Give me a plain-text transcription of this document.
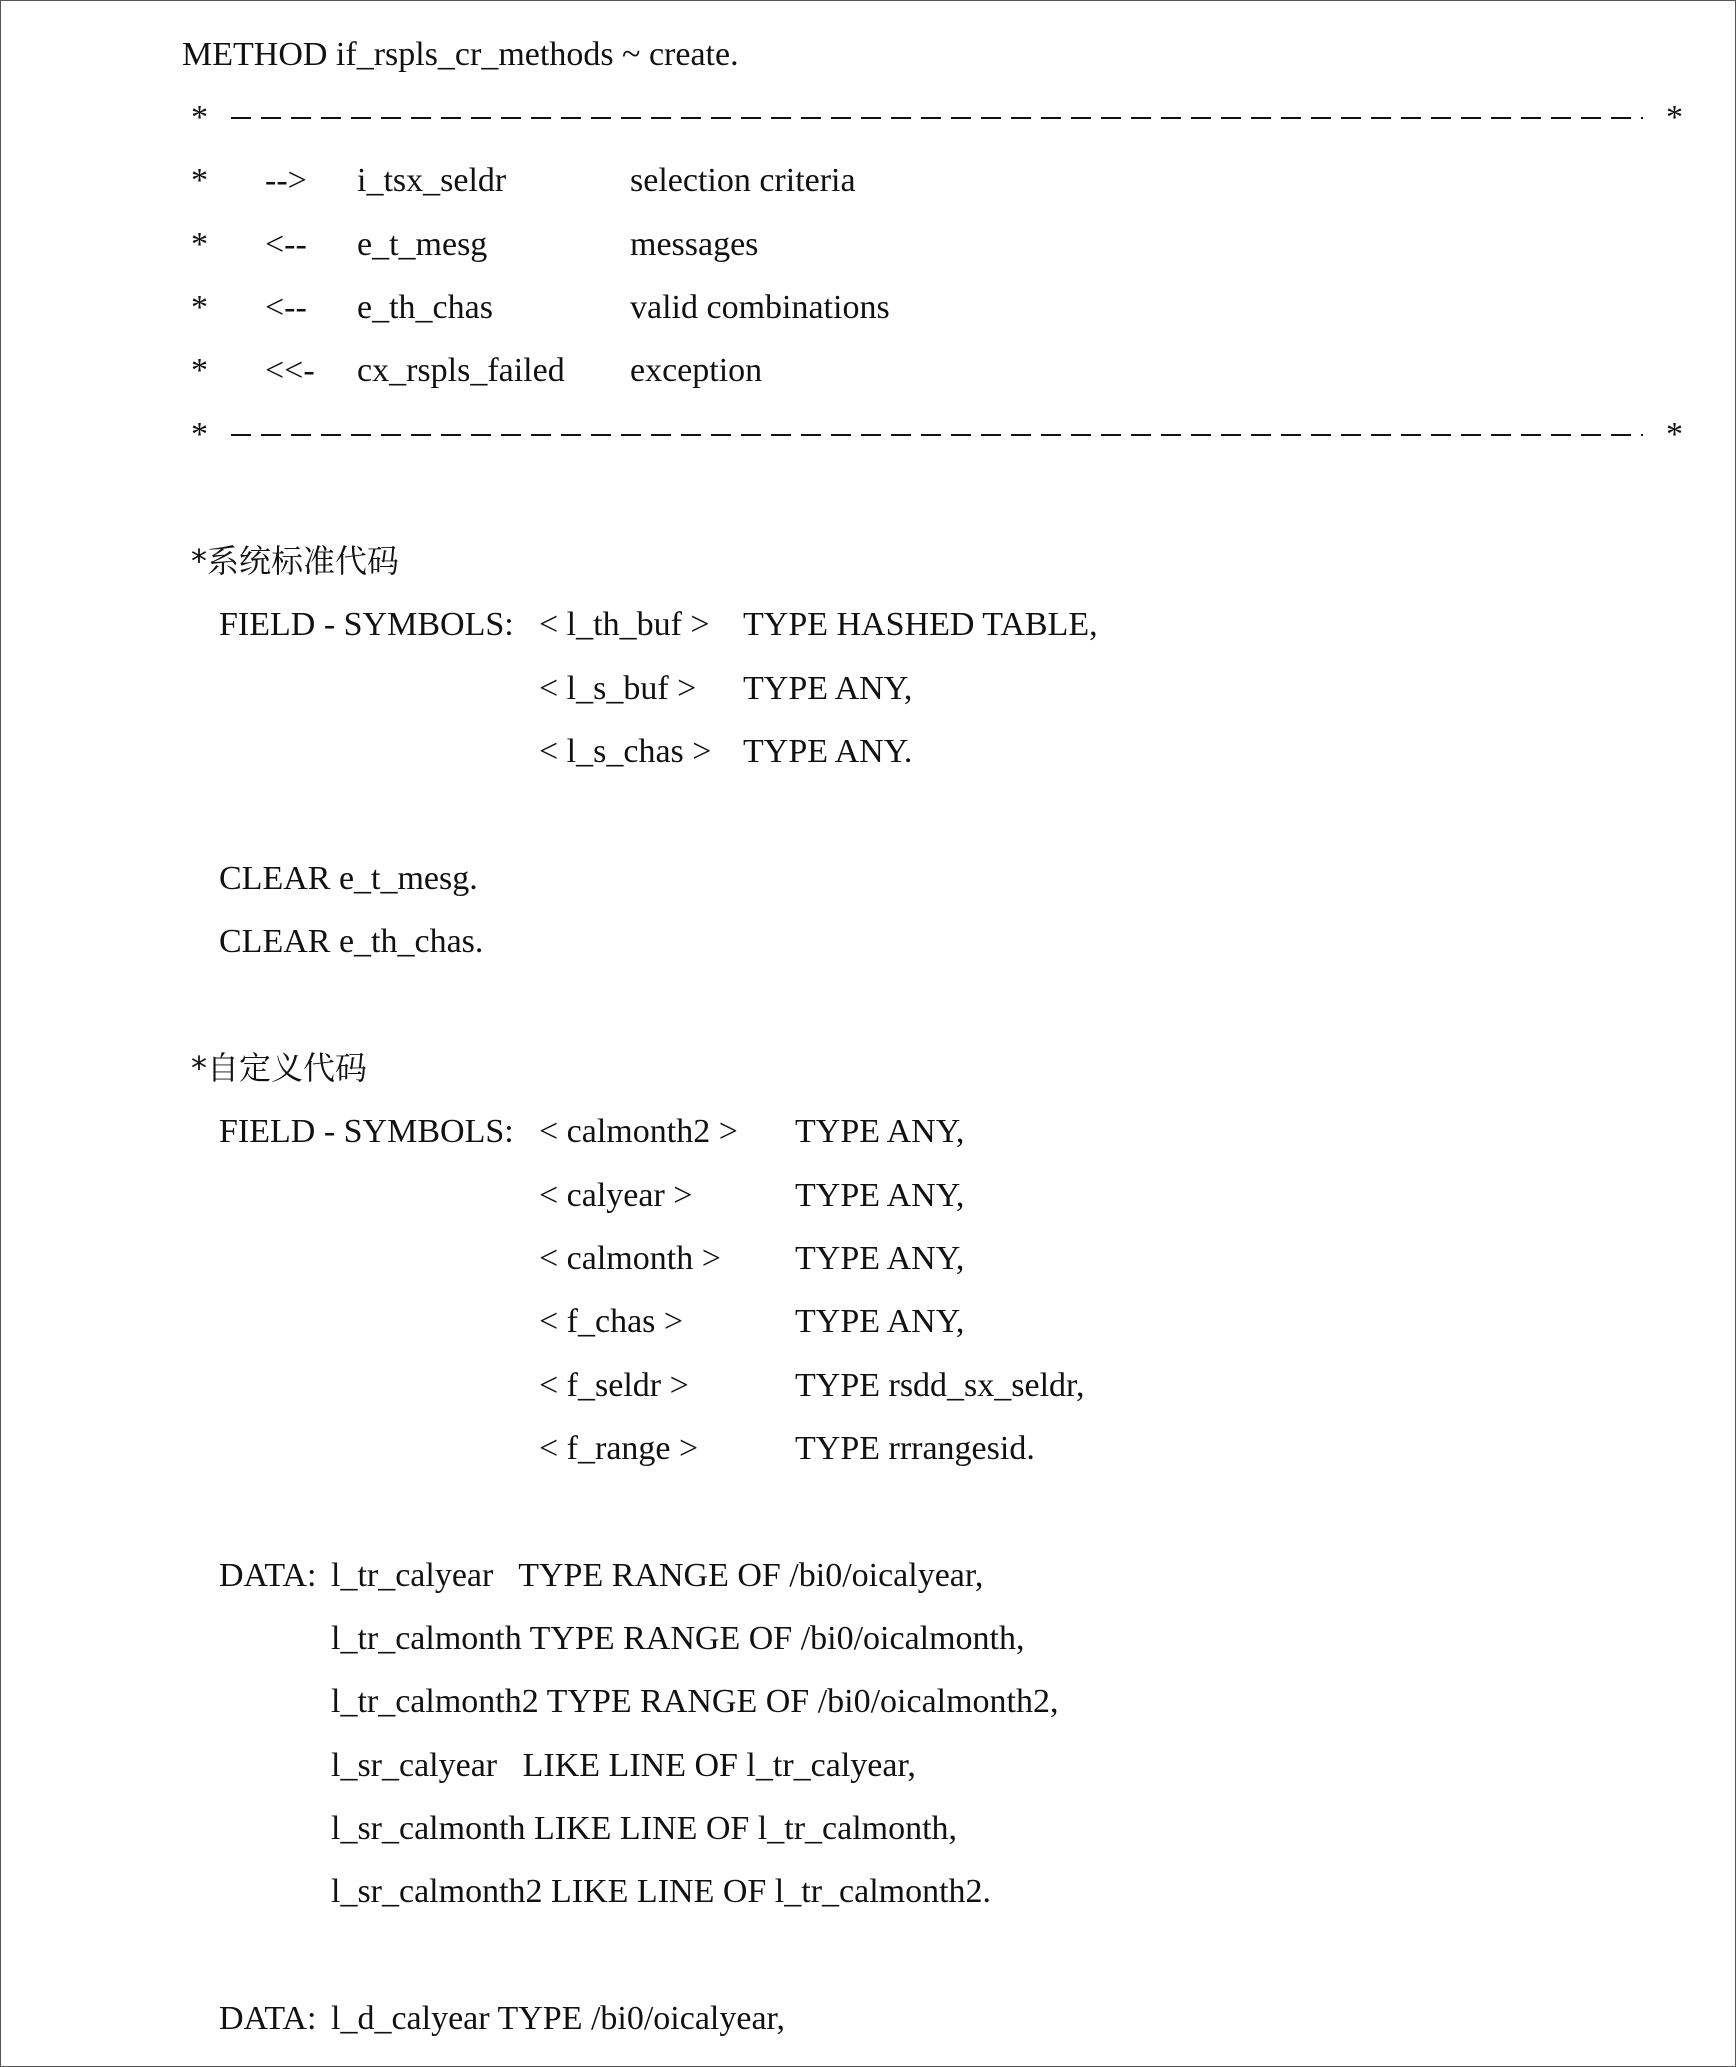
METHOD if_rspls_cr_methods ~ create.
*	*
* --> i_tsx_seldr	selection criteria
* <-- e_t_mesg	messages
* <-- e_th_chas	valid combinations
* <<- cx_rspls_failed exception
*	*
*系统标准代码
FIELD - SYMBOLS: < l_th_buf > TYPE HASHED TABLE,
< l_s_buf > TYPE ANY,
< l_s_chas > TYPE ANY.
CLEAR e_t_mesg.
CLEAR e_th_chas.
*自定义代码
FIELD - SYMBOLS: < calmonth2 > TYPE ANY,
< calyear >	TYPE ANY,
< calmonth > TYPE ANY,
< f_chas >	TYPE ANY,
< f_seldr >	TYPE rsdd_sx_seldr,
< f_range >	TYPE rrrangesid.
DATA: l_tr_calyear   TYPE RANGE OF /bi0/oicalyear,
l_tr_calmonth TYPE RANGE OF /bi0/oicalmonth,
l_tr_calmonth2 TYPE RANGE OF /bi0/oicalmonth2,
l_sr_calyear   LIKE LINE OF l_tr_calyear,
l_sr_calmonth LIKE LINE OF l_tr_calmonth,
l_sr_calmonth2 LIKE LINE OF l_tr_calmonth2.
DATA: l_d_calyear TYPE /bi0/oicalyear,
